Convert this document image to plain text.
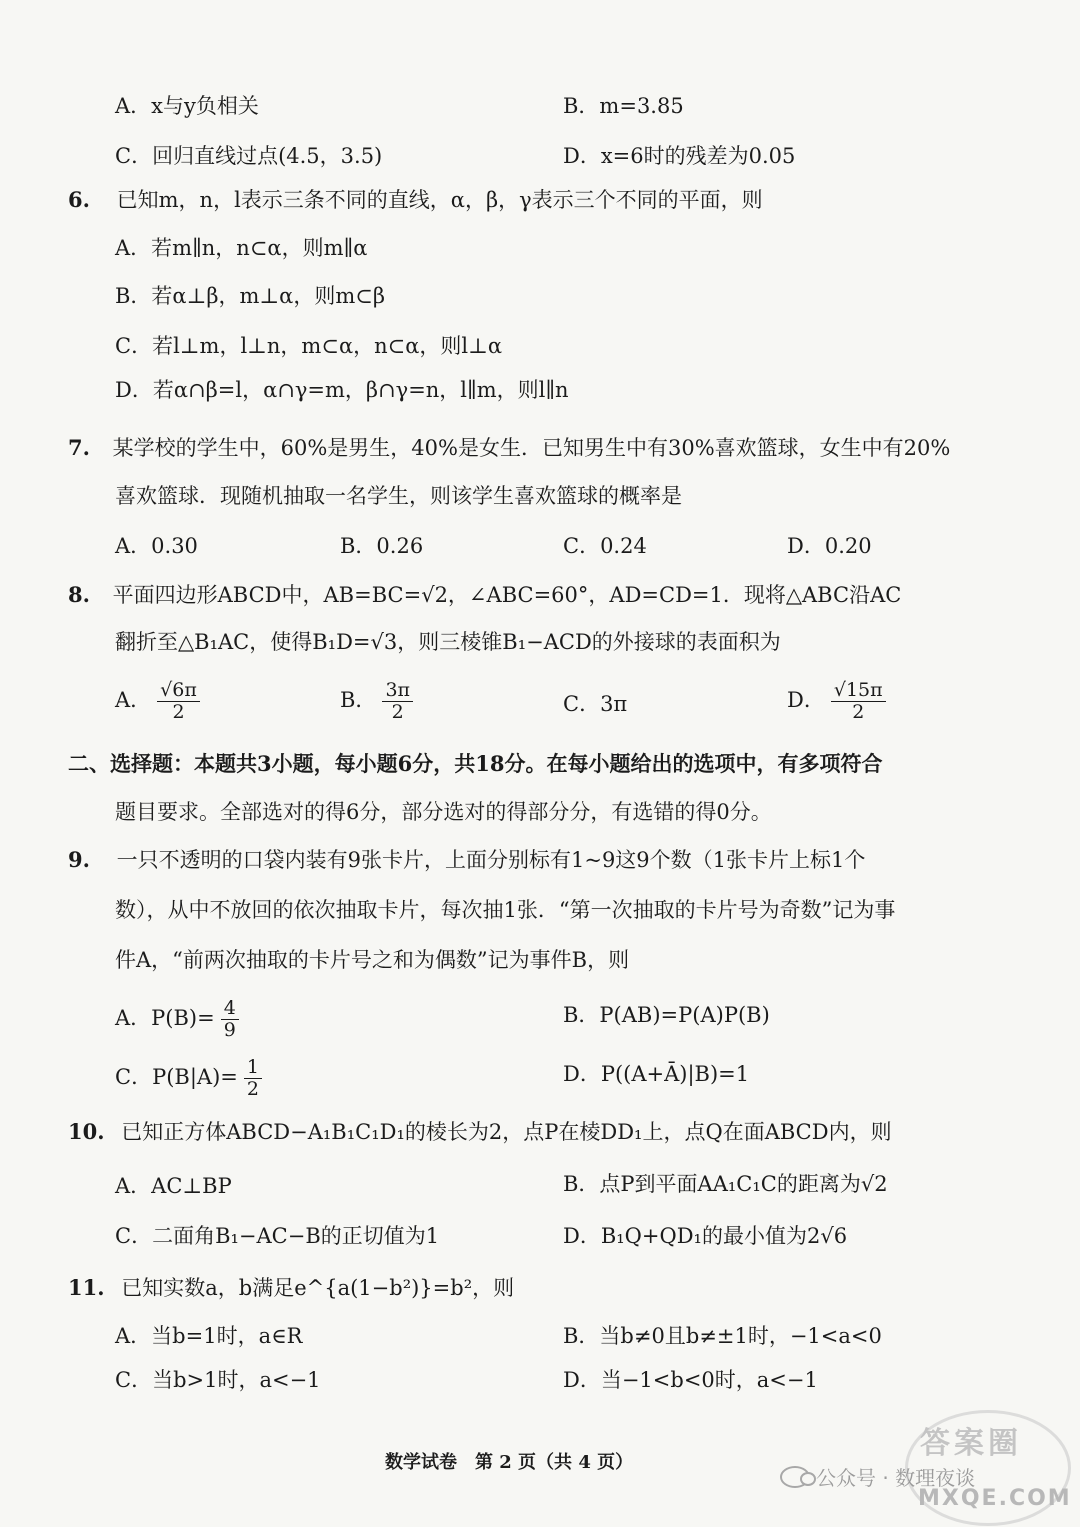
A．x与y负相关	B．m=3.85
C．回归直线过点(4.5，3.5)	D．x=6时的残差为0.05
6. 已知m，n，l表示三条不同的直线，α，β，γ表示三个不同的平面，则
A．若m∥n，n⊂α，则m∥α
B．若α⊥β，m⊥α，则m⊂β
C．若l⊥m，l⊥n，m⊂α，n⊂α，则l⊥α
D．若α∩β=l，α∩γ=m，β∩γ=n，l∥m，则l∥n
7. 某学校的学生中，60%是男生，40%是女生．已知男生中有30%喜欢篮球，女生中有20%
喜欢篮球．现随机抽取一名学生，则该学生喜欢篮球的概率是
A．0.30	B．0.26	C．0.24	D．0.20
8. 平面四边形ABCD中，AB=BC=√2，∠ABC=60°，AD=CD=1．现将△ABC沿AC
翻折至△B₁AC，使得B₁D=√3，则三棱锥B₁−ACD的外接球的表面积为
A． $\frac{√6\pi}{2}$	B． $\frac{3\pi}{2}$	C．3π	D． $\frac{√15\pi}{2}$
二、选择题：本题共3小题，每小题6分，共18分。在每小题给出的选项中，有多项符合
题目要求。全部选对的得6分，部分选对的得部分分，有选错的得0分。
9. 一只不透明的口袋内装有9张卡片，上面分别标有1~9这9个数（1张卡片上标1个
数），从中不放回的依次抽取卡片，每次抽1张．“第一次抽取的卡片号为奇数”记为事
件A，“前两次抽取的卡片号之和为偶数”记为事件B，则
A．$P(B)= \frac{4}{9}$	B．P(AB)=P(A)P(B)
C．$P(B|A)= \frac{1}{2}$	D．P((A+Ā)|B)=1
10. 已知正方体ABCD−A₁B₁C₁D₁的棱长为2，点P在棱DD₁上，点Q在面ABCD内，则
A．AC⊥BP	B．点P到平面AA₁C₁C的距离为√2
C．二面角B₁−AC−B的正切值为1	D．B₁Q+QD₁的最小值为2√6
11. 已知实数a，b满足e^{a(1−b²)}=b²，则
A．当b=1时，a∈R	B．当b≠0且b≠±1时，−1<a<0
C．当b>1时，a<−1	D．当−1<b<0时，a<−1
数学试卷　第 2 页（共 4 页）
答案圈
MXQE.COM
公众号 · 数理夜谈
